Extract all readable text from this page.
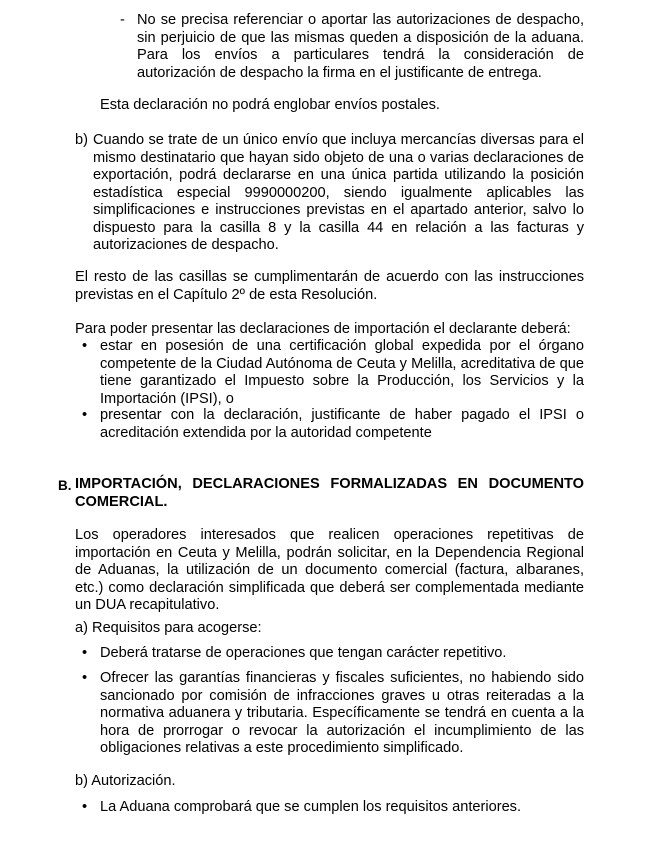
- No se precisa referenciar o aportar las autorizaciones de despacho, sin perjuicio de que las mismas queden a disposición de la aduana. Para los envíos a particulares tendrá la consideración de autorización de despacho la firma en el justificante de entrega.
Esta declaración no podrá englobar envíos postales.
b) Cuando se trate de un único envío que incluya mercancías diversas para el mismo destinatario que hayan sido objeto de una o varias declaraciones de exportación, podrá declararse en una única partida utilizando la posición estadística especial 9990000200, siendo igualmente aplicables las simplificaciones e instrucciones previstas en el apartado anterior, salvo lo dispuesto para la casilla 8 y la casilla 44 en relación a las facturas y autorizaciones de despacho.
El resto de las casillas se cumplimentarán de acuerdo con las instrucciones previstas en el Capítulo 2º de esta Resolución.
Para poder presentar las declaraciones de importación el declarante deberá:
• estar en posesión de una certificación global expedida por el órgano competente de la Ciudad Autónoma de Ceuta y Melilla, acreditativa de que tiene garantizado el Impuesto sobre la Producción, los Servicios y la Importación (IPSI), o
• presentar con la declaración, justificante de haber pagado el IPSI o acreditación extendida por la autoridad competente
B. IMPORTACIÓN, DECLARACIONES FORMALIZADAS EN DOCUMENTO COMERCIAL.
Los operadores interesados que realicen operaciones repetitivas de importación en Ceuta y Melilla, podrán solicitar, en la Dependencia Regional de Aduanas, la utilización de un documento comercial (factura, albaranes, etc.) como declaración simplificada que deberá ser complementada mediante un DUA recapitulativo.
a) Requisitos para acogerse:
• Deberá tratarse de operaciones que tengan carácter repetitivo.
• Ofrecer las garantías financieras y fiscales suficientes, no habiendo sido sancionado por comisión de infracciones graves u otras reiteradas a la normativa aduanera y tributaria. Específicamente se tendrá en cuenta a la hora de prorrogar o revocar la autorización el incumplimiento de las obligaciones relativas a este procedimiento simplificado.
b) Autorización.
• La Aduana comprobará que se cumplen los requisitos anteriores.
